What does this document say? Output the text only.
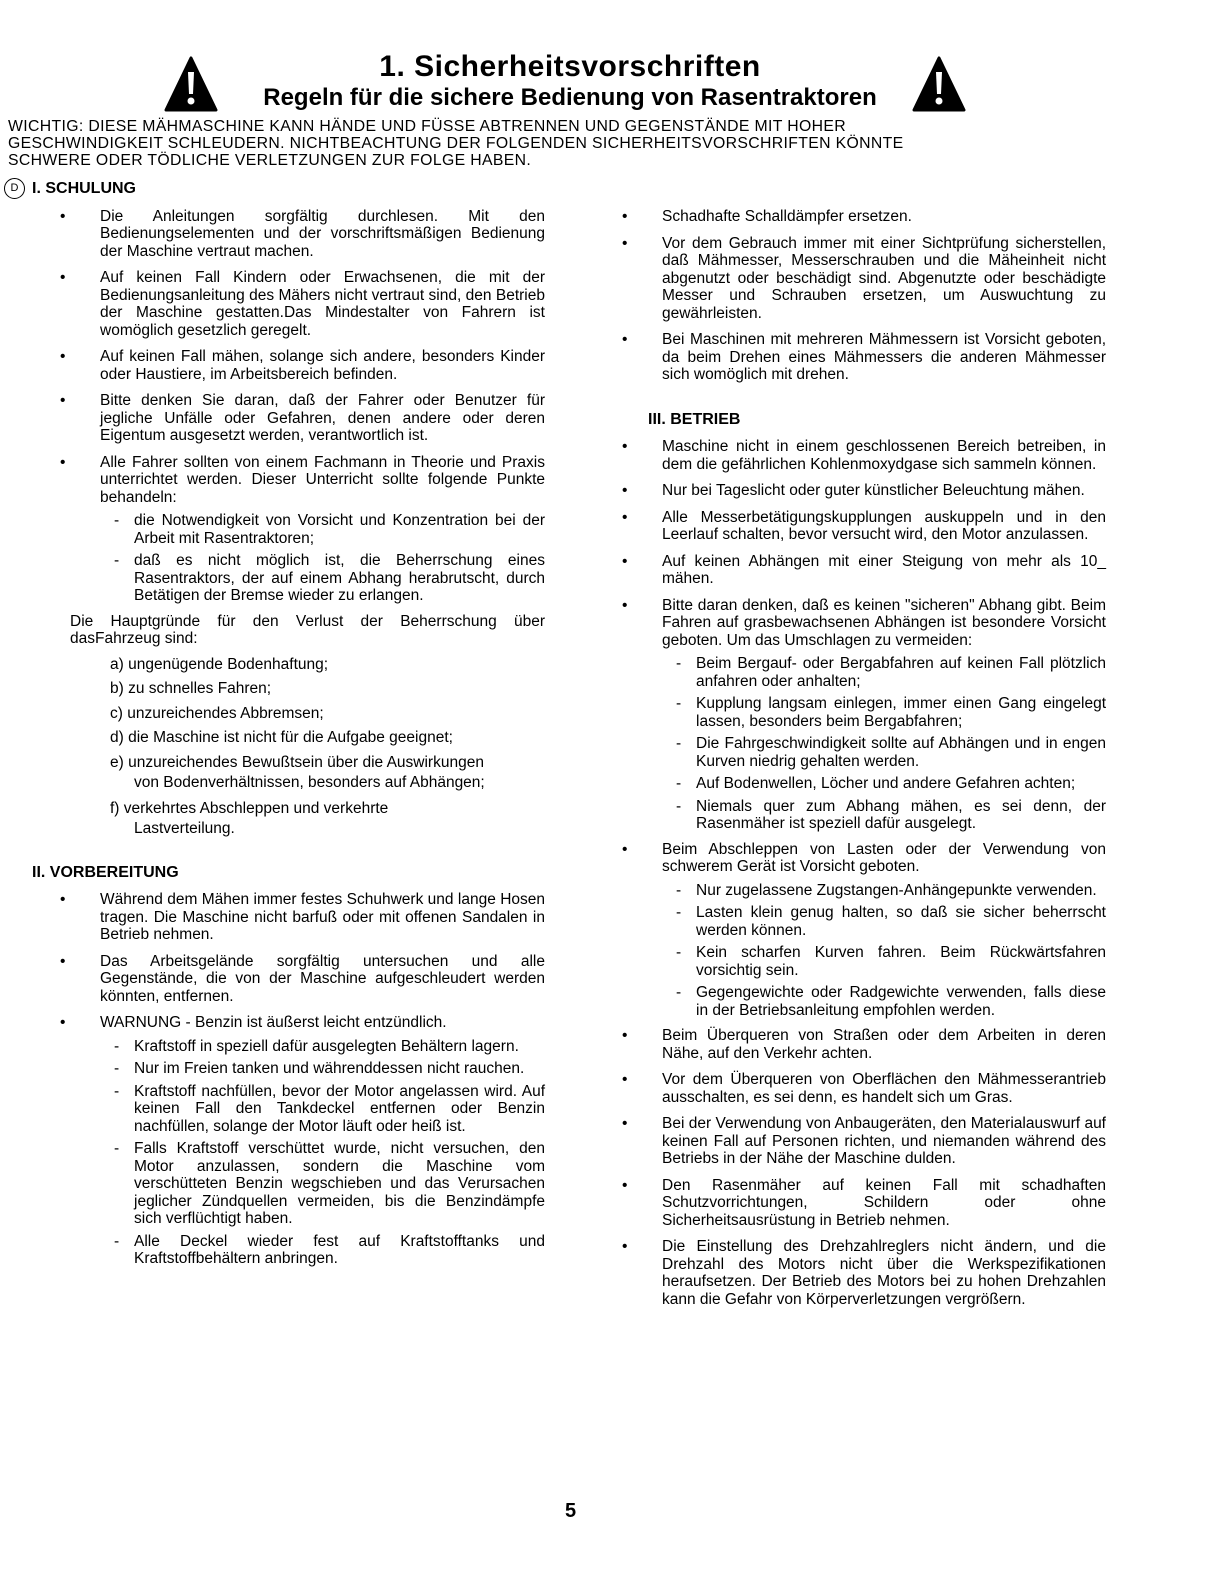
1. Sicherheitsvorschriften
Regeln für die sichere Bedienung von Rasentraktoren

WICHTIG: DIESE MÄHMASCHINE KANN HÄNDE UND FÜSSE ABTRENNEN UND GEGENSTÄNDE MIT HOHER

GESCHWINDIGKEIT SCHLEUDERN. NICHTBEACHTUNG DER FOLGENDEN SICHERHEITSVORSCHRIFTEN KÖNNTE

SCHWERE ODER TÖDLICHE VERLETZUNGEN ZUR FOLGE HABEN.

D I. SCHULUNG
• Die Anleitungen sorgfältig durchlesen. Mit den Bedienungselementen und der vorschriftsmäßigen Bedienung der Maschine vertraut machen.
• Auf keinen Fall Kindern oder Erwachsenen, die mit der Bedienungsanleitung des Mähers nicht vertraut sind, den Betrieb der Maschine gestatten.Das Mindestalter von Fahrern ist womöglich gesetzlich geregelt.
• Auf keinen Fall mähen, solange sich andere, besonders Kinder oder Haustiere, im Arbeitsbereich befinden.
• Bitte denken Sie daran, daß der Fahrer oder Benutzer für jegliche Unfälle oder Gefahren, denen andere oder deren Eigentum ausgesetzt werden, verantwortlich ist.
• Alle Fahrer sollten von einem Fachmann in Theorie und Praxis unterrichtet werden. Dieser Unterricht sollte folgende Punkte behandeln:
- die Notwendigkeit von Vorsicht und Konzentration bei der Arbeit mit Rasentraktoren;
- daß es nicht möglich ist, die Beherrschung eines Rasentraktors, der auf einem Abhang herabrutscht, durch Betätigen der Bremse wieder zu erlangen.
Die Hauptgründe für den Verlust der Beherrschung über dasFahrzeug sind:
a) ungenügende Bodenhaftung;
b) zu schnelles Fahren;
c) unzureichendes Abbremsen;
d) die Maschine ist nicht für die Aufgabe geeignet;
e) unzureichendes Bewußtsein über die Auswirkungen
von Bodenverhältnissen, besonders auf Abhängen;
f) verkehrtes Abschleppen und verkehrte
Lastverteilung.
II. VORBEREITUNG
• Während dem Mähen immer festes Schuhwerk und lange Hosen tragen. Die Maschine nicht barfuß oder mit offenen Sandalen in Betrieb nehmen.
• Das Arbeitsgelände sorgfältig untersuchen und alle Gegenstände, die von der Maschine aufgeschleudert werden könnten, entfernen.
• WARNUNG - Benzin ist äußerst leicht entzündlich.
- Kraftstoff in speziell dafür ausgelegten Behältern lagern.
- Nur im Freien tanken und währenddessen nicht rauchen.
- Kraftstoff nachfüllen, bevor der Motor angelassen wird. Auf keinen Fall den Tankdeckel entfernen oder Benzin nachfüllen, solange der Motor läuft oder heiß ist.
- Falls Kraftstoff verschüttet wurde, nicht versuchen, den Motor anzulassen, sondern die Maschine vom verschütteten Benzin wegschieben und das Verursachen jeglicher Zündquellen vermeiden, bis die Benzindämpfe sich verflüchtigt haben.
- Alle Deckel wieder fest auf Kraftstofftanks und Kraftstoffbehältern anbringen.
• Schadhafte Schalldämpfer ersetzen.
• Vor dem Gebrauch immer mit einer Sichtprüfung sicherstellen, daß Mähmesser, Messerschrauben und die Mäheinheit nicht abgenutzt oder beschädigt sind. Abgenutzte oder beschädigte Messer und Schrauben ersetzen, um Auswuchtung zu gewährleisten.
• Bei Maschinen mit mehreren Mähmessern ist Vorsicht geboten, da beim Drehen eines Mähmessers die anderen Mähmesser sich womöglich mit drehen.
III. BETRIEB
• Maschine nicht in einem geschlossenen Bereich betreiben, in dem die gefährlichen Kohlenmoxydgase sich sammeln können.
• Nur bei Tageslicht oder guter künstlicher Beleuchtung mähen.
• Alle Messerbetätigungskupplungen auskuppeln und in den Leerlauf schalten, bevor versucht wird, den Motor anzulassen.
• Auf keinen Abhängen mit einer Steigung von mehr als 10_ mähen.
• Bitte daran denken, daß es keinen "sicheren" Abhang gibt. Beim Fahren auf grasbewachsenen Abhängen ist besondere Vorsicht geboten. Um das Umschlagen zu vermeiden:
- Beim Bergauf- oder Bergabfahren auf keinen Fall plötzlich anfahren oder anhalten;
- Kupplung langsam einlegen, immer einen Gang eingelegt lassen, besonders beim Bergabfahren;
- Die Fahrgeschwindigkeit sollte auf Abhängen und in engen Kurven niedrig gehalten werden.
- Auf Bodenwellen, Löcher und andere Gefahren achten;
- Niemals quer zum Abhang mähen, es sei denn, der Rasenmäher ist speziell dafür ausgelegt.
• Beim Abschleppen von Lasten oder der Verwendung von schwerem Gerät ist Vorsicht geboten.
- Nur zugelassene Zugstangen-Anhängepunkte verwenden.
- Lasten klein genug halten, so daß sie sicher beherrscht werden können.
- Kein scharfen Kurven fahren. Beim Rückwärtsfahren vorsichtig sein.
- Gegengewichte oder Radgewichte verwenden, falls diese in der Betriebsanleitung empfohlen werden.
• Beim Überqueren von Straßen oder dem Arbeiten in deren Nähe, auf den Verkehr achten.
• Vor dem Überqueren von Oberflächen den Mähmesserantrieb ausschalten, es sei denn, es handelt sich um Gras.
• Bei der Verwendung von Anbaugeräten, den Materialauswurf auf keinen Fall auf Personen richten, und niemanden während des Betriebs in der Nähe der Maschine dulden.
• Den Rasenmäher auf keinen Fall mit schadhaften Schutzvorrichtungen, Schildern oder ohne Sicherheitsausrüstung in Betrieb nehmen.
• Die Einstellung des Drehzahlreglers nicht ändern, und die Drehzahl des Motors nicht über die Werkspezifikationen heraufsetzen. Der Betrieb des Motors bei zu hohen Drehzahlen kann die Gefahr von Körperverletzungen vergrößern.
5
